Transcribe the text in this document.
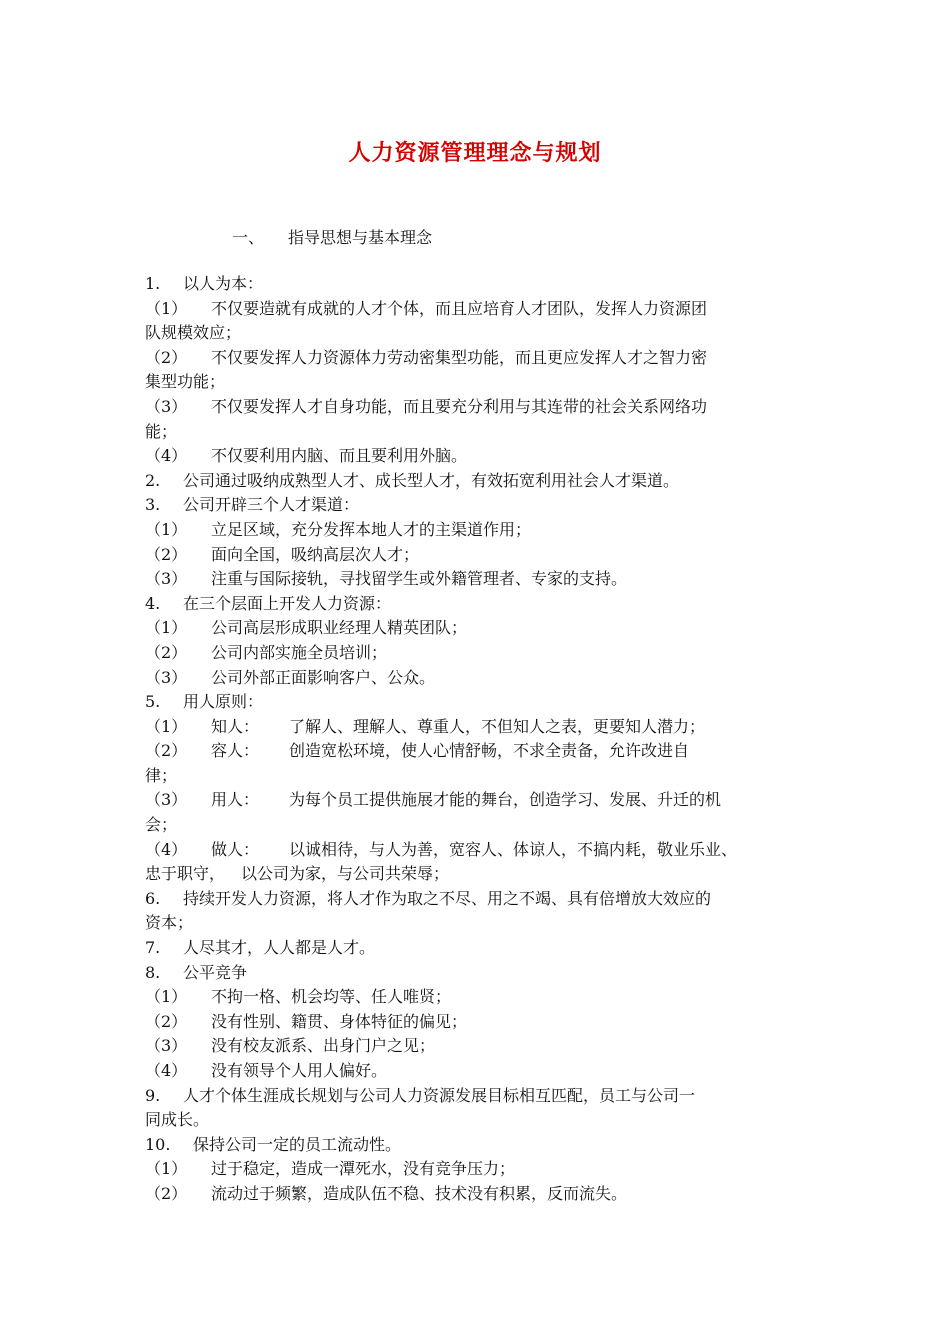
人力资源管理理念与规划
一、 指导思想与基本理念
1. 以人为本：
（1） 不仅要造就有成就的人才个体，而且应培育人才团队，发挥人力资源团
队规模效应；
（2） 不仅要发挥人力资源体力劳动密集型功能，而且更应发挥人才之智力密
集型功能；
（3） 不仅要发挥人才自身功能，而且要充分利用与其连带的社会关系网络功
能；
（4） 不仅要利用内脑、而且要利用外脑。
2. 公司通过吸纳成熟型人才、成长型人才，有效拓宽利用社会人才渠道。
3. 公司开辟三个人才渠道：
（1） 立足区域，充分发挥本地人才的主渠道作用；
（2） 面向全国，吸纳高层次人才；
（3） 注重与国际接轨，寻找留学生或外籍管理者、专家的支持。
4. 在三个层面上开发人力资源：
（1） 公司高层形成职业经理人精英团队；
（2） 公司内部实施全员培训；
（3） 公司外部正面影响客户、公众。
5. 用人原则：
（1） 知人： 了解人、理解人、尊重人，不但知人之表，更要知人潜力；
（2） 容人： 创造宽松环境，使人心情舒畅，不求全责备，允许改进自
律；
（3） 用人： 为每个员工提供施展才能的舞台，创造学习、发展、升迁的机
会；
（4） 做人： 以诚相待，与人为善，宽容人、体谅人，不搞内耗，敬业乐业、
忠于职守， 以公司为家，与公司共荣辱；
6. 持续开发人力资源，将人才作为取之不尽、用之不竭、具有倍增放大效应的
资本；
7. 人尽其才，人人都是人才。
8. 公平竞争
（1） 不拘一格、机会均等、任人唯贤；
（2） 没有性别、籍贯、身体特征的偏见；
（3） 没有校友派系、出身门户之见；
（4） 没有领导个人用人偏好。
9. 人才个体生涯成长规划与公司人力资源发展目标相互匹配，员工与公司一
同成长。
10. 保持公司一定的员工流动性。
（1） 过于稳定，造成一潭死水，没有竞争压力；
（2） 流动过于频繁，造成队伍不稳、技术没有积累，反而流失。
